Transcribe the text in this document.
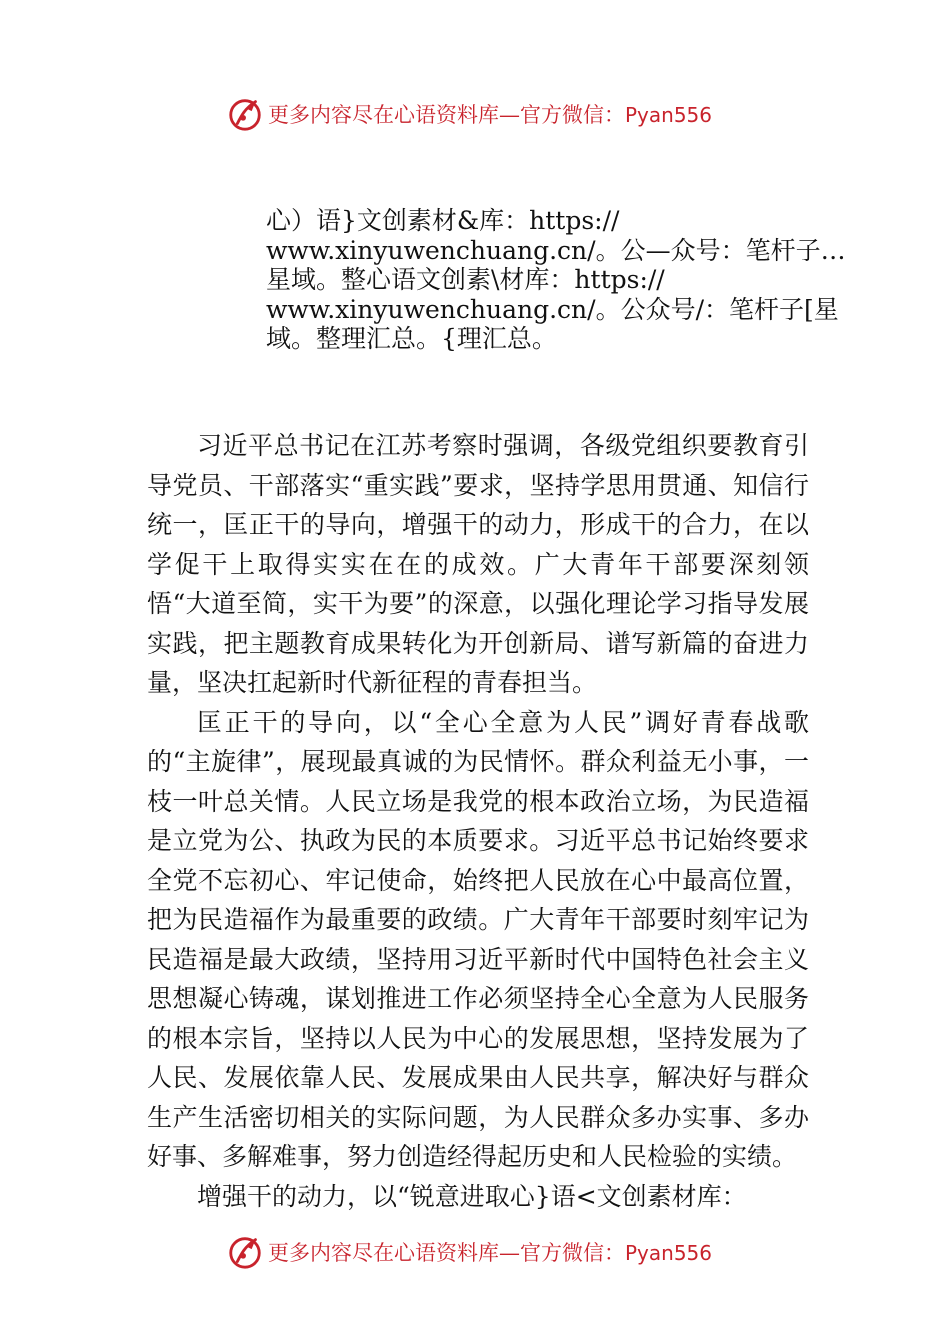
更多内容尽在心语资料库—官方微信：Pyan556
心）语}文创素材&库：https://
www.xinyuwenchuang.cn/。公—众号：笔杆子…
星域。整心语文创素\材库：https://
www.xinyuwenchuang.cn/。公众号/：笔杆子[星
域。整理汇总。{理汇总。

习近平总书记在江苏考察时强调，各级党组织要教育引导党员、干部落实“重实践”要求，坚持学思用贯通、知信行统一，匡正干的导向，增强干的动力，形成干的合力，在以学促干上取得实实在在的成效。广大青年干部要深刻领悟“大道至简，实干为要”的深意，以强化理论学习指导发展实践，把主题教育成果转化为开创新局、谱写新篇的奋进力量，坚决扛起新时代新征程的青春担当。

匡正干的导向，以“全心全意为人民”调好青春战歌的“主旋律”，展现最真诚的为民情怀。群众利益无小事，一枝一叶总关情。人民立场是我党的根本政治立场，为民造福是立党为公、执政为民的本质要求。习近平总书记始终要求全党不忘初心、牢记使命，始终把人民放在心中最高位置，把为民造福作为最重要的政绩。广大青年干部要时刻牢记为民造福是最大政绩，坚持用习近平新时代中国特色社会主义思想凝心铸魂，谋划推进工作必须坚持全心全意为人民服务的根本宗旨，坚持以人民为中心的发展思想，坚持发展为了人民、发展依靠人民、发展成果由人民共享，解决好与群众生产生活密切相关的实际问题，为人民群众多办实事、多办好事、多解难事，努力创造经得起历史和人民检验的实绩。

增强干的动力，以“锐意进取心}语<文创素材库：

更多内容尽在心语资料库—官方微信：Pyan556
